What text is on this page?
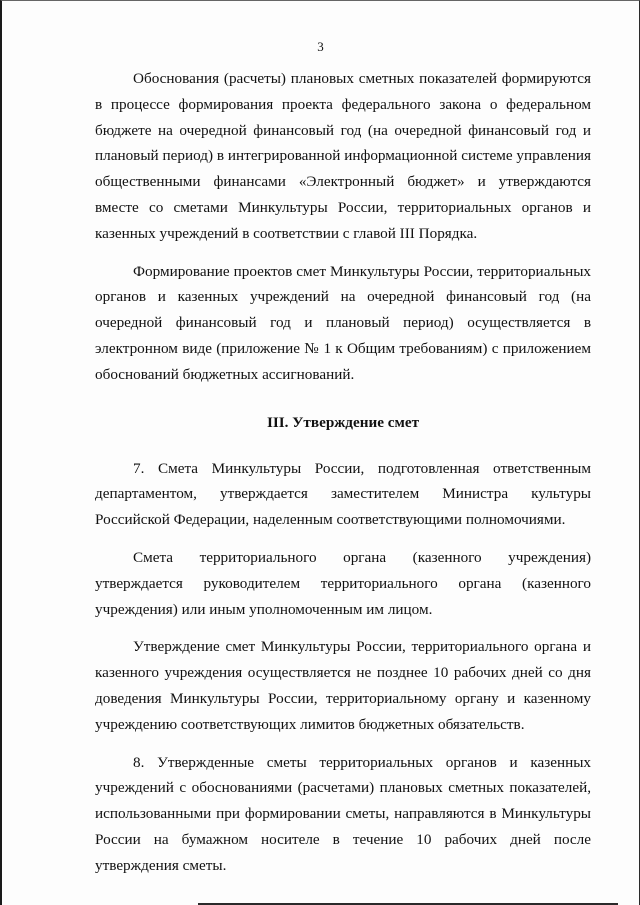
3

Обоснования (расчеты) плановых сметных показателей формируются в процессе формирования проекта федерального закона о федеральном бюджете на очередной финансовый год (на очередной финансовый год и плановый период) в интегрированной информационной системе управления общественными финансами «Электронный бюджет» и утверждаются вместе со сметами Минкультуры России, территориальных органов и казенных учреждений в соответствии с главой III Порядка.

Формирование проектов смет Минкультуры России, территориальных органов и казенных учреждений на очередной финансовый год (на очередной финансовый год и плановый период) осуществляется в электронном виде (приложение № 1 к Общим требованиям) с приложением обоснований бюджетных ассигнований.

III. Утверждение смет

7. Смета Минкультуры России, подготовленная ответственным департаментом, утверждается заместителем Министра культуры Российской Федерации, наделенным соответствующими полномочиями.

Смета территориального органа (казенного учреждения) утверждается руководителем территориального органа (казенного учреждения) или иным уполномоченным им лицом.

Утверждение смет Минкультуры России, территориального органа и казенного учреждения осуществляется не позднее 10 рабочих дней со дня доведения Минкультуры России, территориальному органу и казенному учреждению соответствующих лимитов бюджетных обязательств.

8. Утвержденные сметы территориальных органов и казенных учреждений с обоснованиями (расчетами) плановых сметных показателей, использованными при формировании сметы, направляются в Минкультуры России на бумажном носителе в течение 10 рабочих дней после утверждения сметы.
